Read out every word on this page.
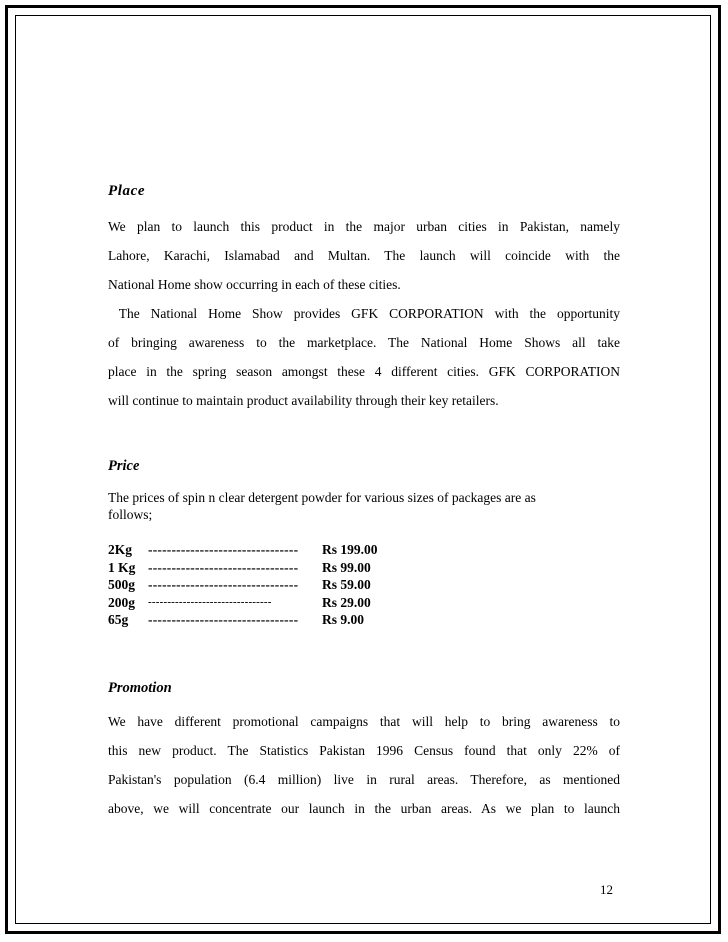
Place
We plan to launch this product in the major urban cities in Pakistan, namely
Lahore, Karachi, Islamabad and Multan. The launch will coincide with the
National Home show occurring in each of these cities.
The National Home Show provides GFK CORPORATION with the opportunity
of bringing awareness to the marketplace. The National Home Shows all take
place in the spring season amongst these 4 different cities. GFK CORPORATION
will continue to maintain product availability through their key retailers.
Price
The prices of spin n clear detergent powder for various sizes of packages are as
follows;
2Kg	--------------------------------	Rs 199.00
1 Kg --------------------------------	Rs 99.00
500g --------------------------------	Rs 59.00
200g	--------------------------------	Rs 29.00
65g	--------------------------------	Rs 9.00
Promotion
We have different promotional campaigns that will help to bring awareness to
this new product. The Statistics Pakistan 1996 Census found that only 22% of
Pakistan's population (6.4 million) live in rural areas. Therefore, as mentioned
above, we will concentrate our launch in the urban areas. As we plan to launch
12
